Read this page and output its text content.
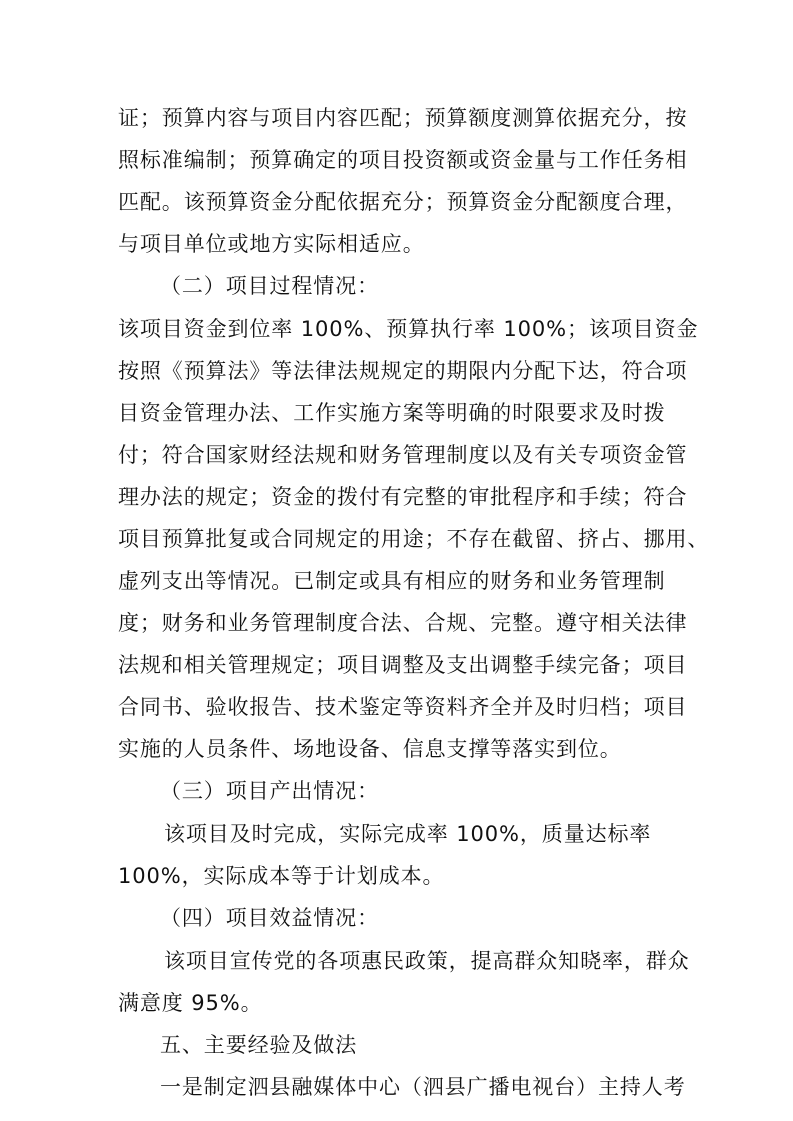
证；预算内容与项目内容匹配；预算额度测算依据充分，按
照标准编制；预算确定的项目投资额或资金量与工作任务相
匹配。该预算资金分配依据充分；预算资金分配额度合理，
与项目单位或地方实际相适应。
（二）项目过程情况：
该项目资金到位率 100%、预算执行率 100%；该项目资金
按照《预算法》等法律法规规定的期限内分配下达，符合项
目资金管理办法、工作实施方案等明确的时限要求及时拨
付；符合国家财经法规和财务管理制度以及有关专项资金管
理办法的规定；资金的拨付有完整的审批程序和手续；符合
项目预算批复或合同规定的用途；不存在截留、挤占、挪用、
虚列支出等情况。已制定或具有相应的财务和业务管理制
度；财务和业务管理制度合法、合规、完整。遵守相关法律
法规和相关管理规定；项目调整及支出调整手续完备；项目
合同书、验收报告、技术鉴定等资料齐全并及时归档；项目
实施的人员条件、场地设备、信息支撑等落实到位。
（三）项目产出情况：
该项目及时完成，实际完成率 100%，质量达标率
100%，实际成本等于计划成本。
（四）项目效益情况：
该项目宣传党的各项惠民政策，提高群众知晓率，群众
满意度 95%。
五、主要经验及做法
一是制定泗县融媒体中心（泗县广播电视台）主持人考
